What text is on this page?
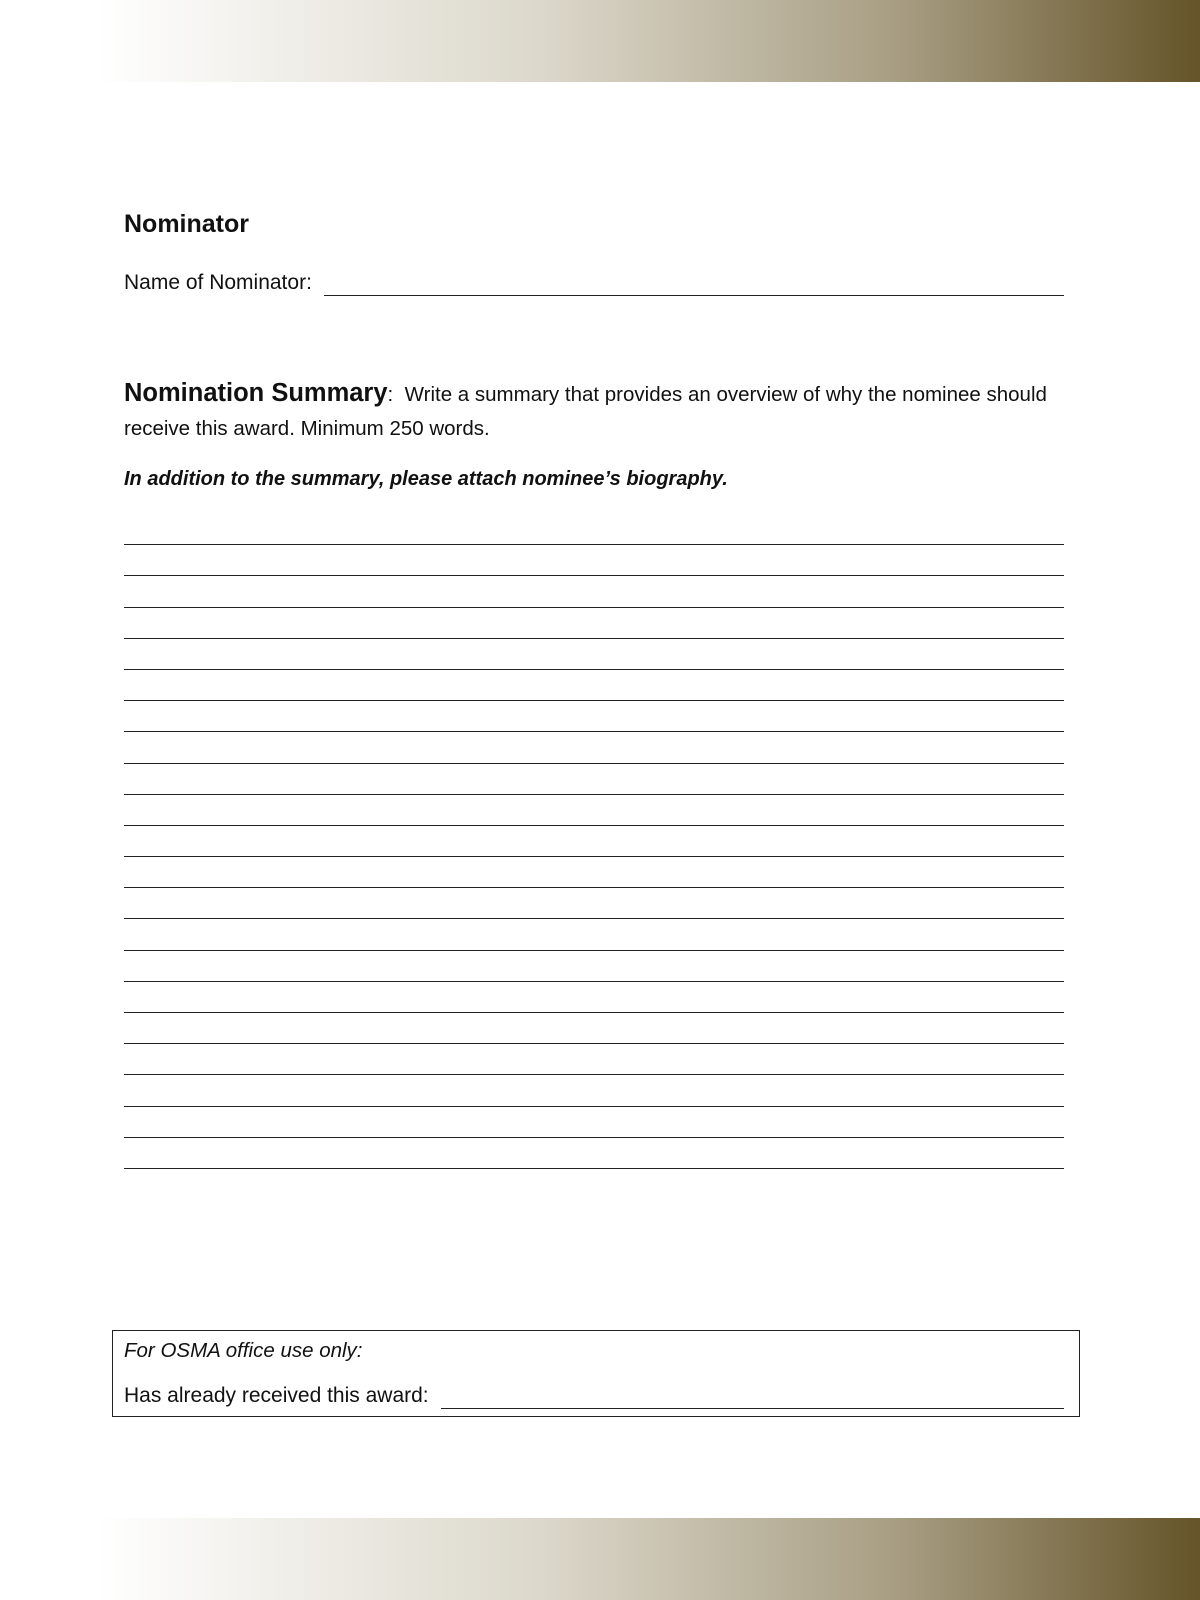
Nominator
Name of Nominator:

Nomination Summary: Write a summary that provides an overview of why the nominee should receive this award. Minimum 250 words.

In addition to the summary, please attach nominee’s biography.

For OSMA office use only:

Has already received this award:
